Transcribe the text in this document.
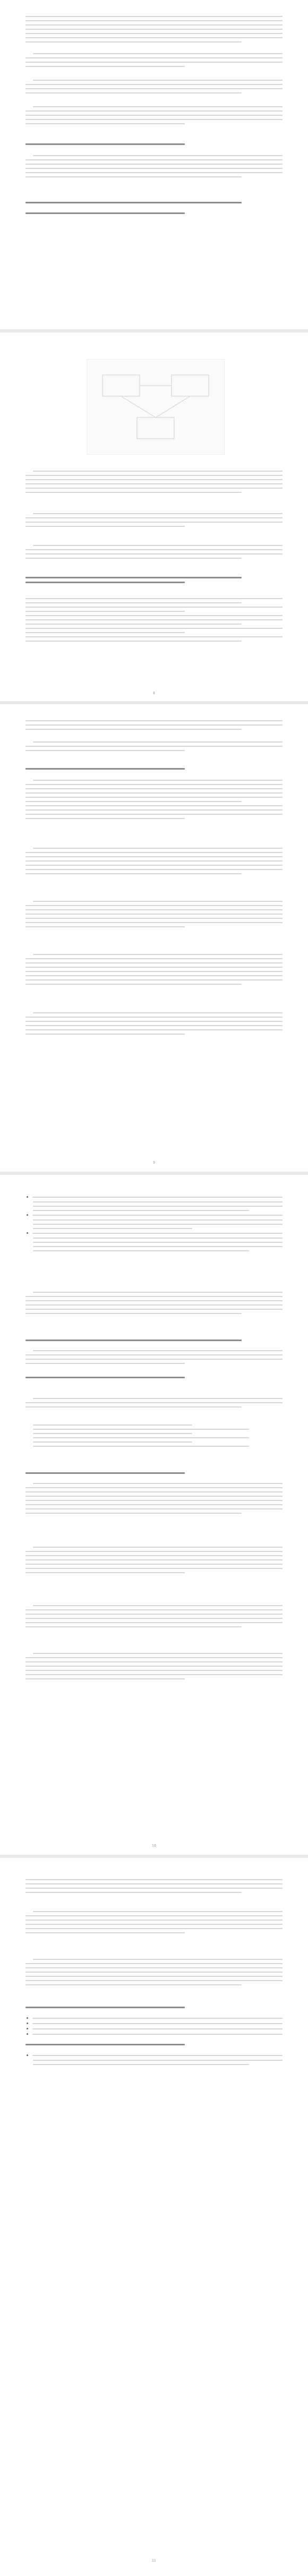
8
9
10
11
